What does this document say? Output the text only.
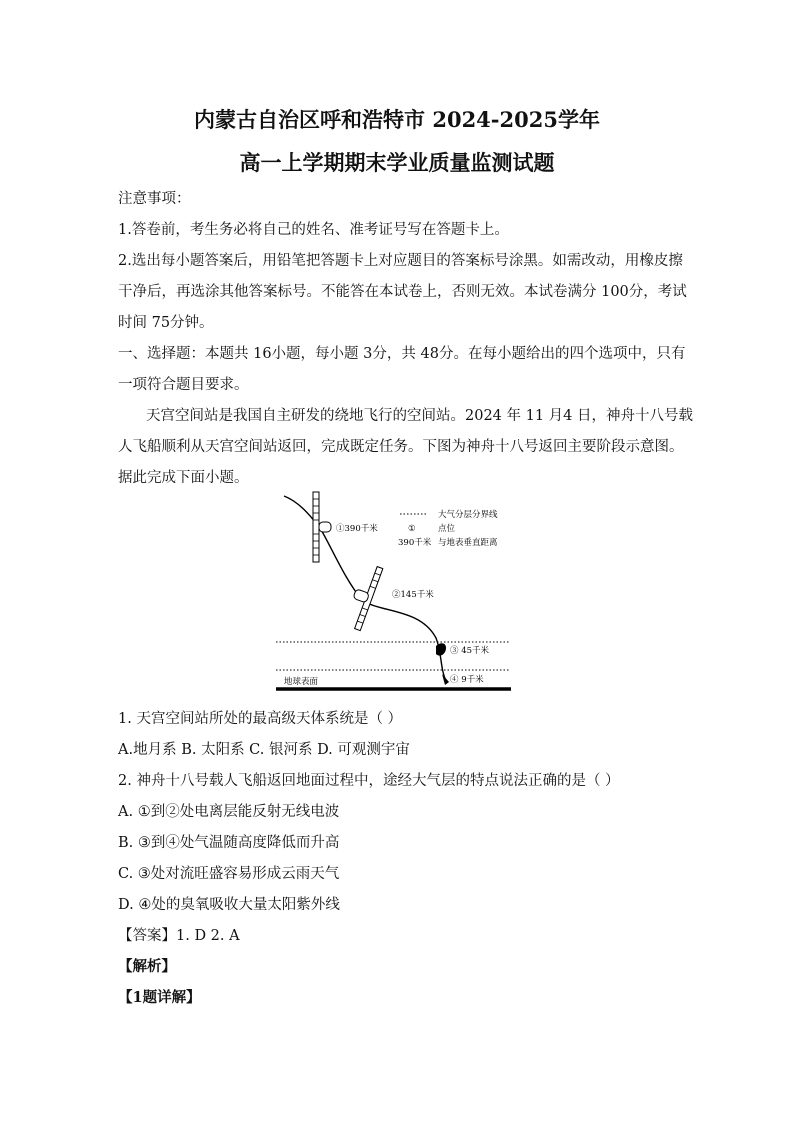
内蒙古自治区呼和浩特市 2024-2025学年
高一上学期期末学业质量监测试题
注意事项：
1.答卷前，考生务必将自己的姓名、准考证号写在答题卡上。
2.选出每小题答案后，用铅笔把答题卡上对应题目的答案标号涂黑。如需改动，用橡皮擦
干净后，再选涂其他答案标号。不能答在本试卷上，否则无效。本试卷满分 100分，考试
时间 75分钟。
一、选择题：本题共 16小题，每小题 3分，共 48分。在每小题给出的四个选项中，只有
一项符合题目要求。
天宫空间站是我国自主研发的绕地飞行的空间站。2024 年 11 月4 日，神舟十八号载
人飞船顺利从天宫空间站返回，完成既定任务。下图为神舟十八号返回主要阶段示意图。
据此完成下面小题。
①390千米
②145千米
③ 45千米
④ 9千米
地球表面
大气分层分界线
①	点位
390千米 与地表垂直距离
1. 天宫空间站所处的最高级天体系统是（ ）
A.地月系 B. 太阳系 C. 银河系 D. 可观测宇宙
2. 神舟十八号载人飞船返回地面过程中，途经大气层的特点说法正确的是（ ）
A. ①到②处电离层能反射无线电波
B. ③到④处气温随高度降低而升高
C. ③处对流旺盛容易形成云雨天气
D. ④处的臭氧吸收大量太阳紫外线
【答案】1. D 2. A
【解析】
【1题详解】
